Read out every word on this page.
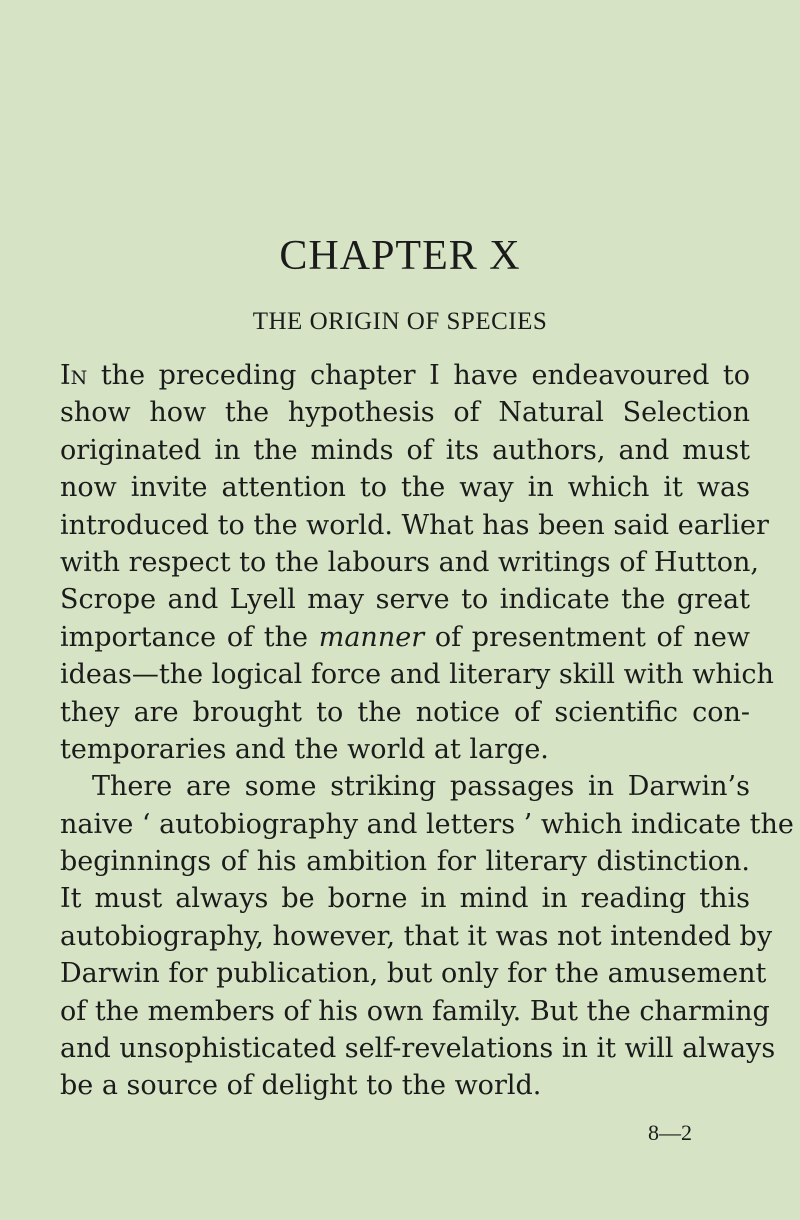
CHAPTER X
THE ORIGIN OF SPECIES
In the preceding chapter I have endeavoured to
show how the hypothesis of Natural Selection
originated in the minds of its authors, and must
now invite attention to the way in which it was
introduced to the world. What has been said earlier
with respect to the labours and writings of Hutton,
Scrope and Lyell may serve to indicate the great
importance of the manner of presentment of new
ideas—the logical force and literary skill with which
they are brought to the notice of scientific con-
temporaries and the world at large.
There are some striking passages in Darwin’s
naive ‘ autobiography and letters ’ which indicate the
beginnings of his ambition for literary distinction.
It must always be borne in mind in reading this
autobiography, however, that it was not intended by
Darwin for publication, but only for the amusement
of the members of his own family. But the charming
and unsophisticated self-revelations in it will always
be a source of delight to the world.
8—2
